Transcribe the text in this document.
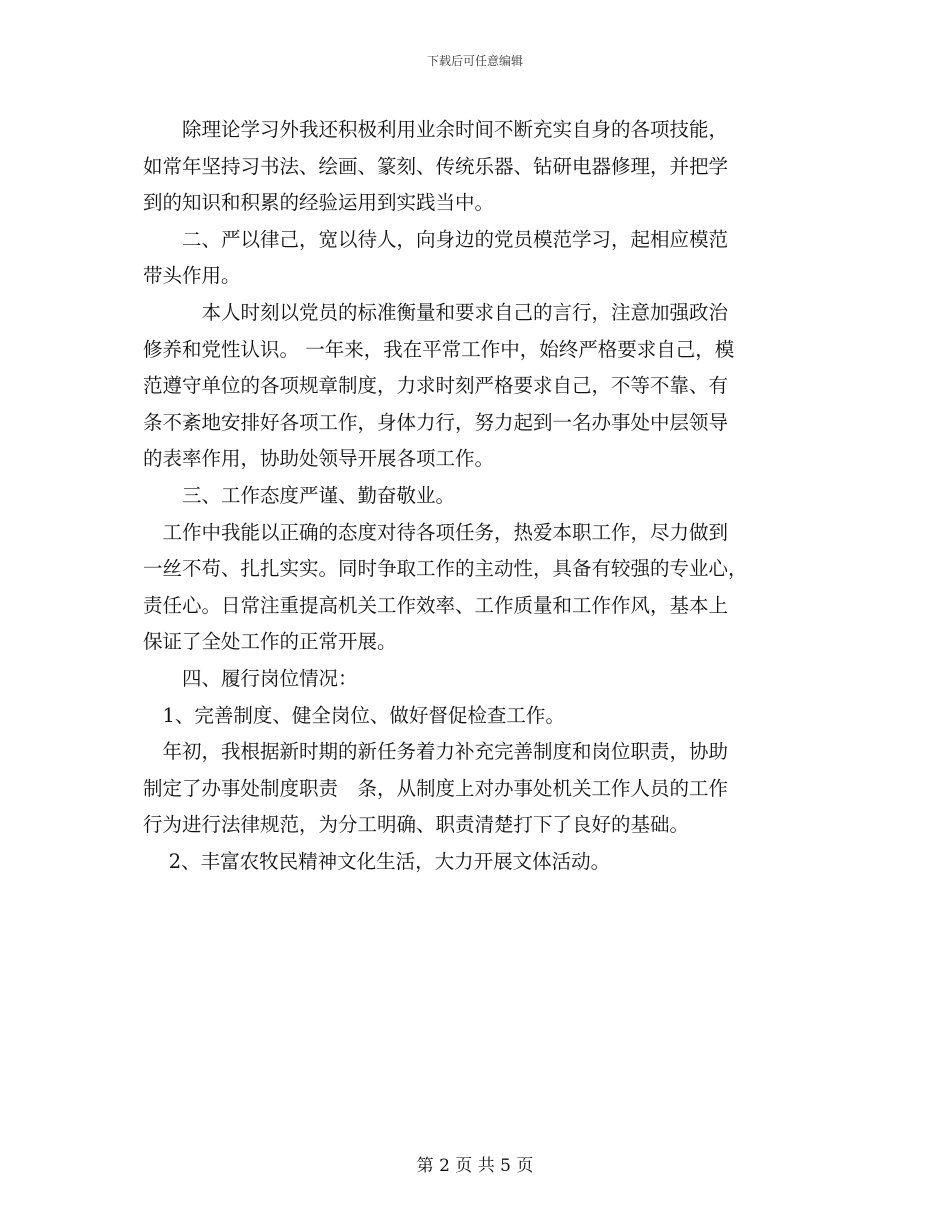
下载后可任意编辑
　　除理论学习外我还积极利用业余时间不断充实自身的各项技能，
如常年坚持习书法、绘画、篆刻、传统乐器、钻研电器修理，并把学
到的知识和积累的经验运用到实践当中。
　　二、严以律己，宽以待人，向身边的党员模范学习，起相应模范
带头作用。
　　　本人时刻以党员的标准衡量和要求自己的言行，注意加强政治
修养和党性认识。 一年来，我在平常工作中，始终严格要求自己，模
范遵守单位的各项规章制度，力求时刻严格要求自己，不等不靠、有
条不紊地安排好各项工作，身体力行，努力起到一名办事处中层领导
的表率作用，协助处领导开展各项工作。
　　三、工作态度严谨、勤奋敬业。
　工作中我能以正确的态度对待各项任务，热爱本职工作，尽力做到
一丝不苟、扎扎实实。同时争取工作的主动性，具备有较强的专业心，
责任心。日常注重提高机关工作效率、工作质量和工作作风，基本上
保证了全处工作的正常开展。
　　四、履行岗位情况：
　1、完善制度、健全岗位、做好督促检查工作。
　年初，我根据新时期的新任务着力补充完善制度和岗位职责，协助
制定了办事处制度职责　条，从制度上对办事处机关工作人员的工作
行为进行法律规范，为分工明确、职责清楚打下了良好的基础。
　 2、丰富农牧民精神文化生活，大力开展文体活动。
第 2 页 共 5 页
